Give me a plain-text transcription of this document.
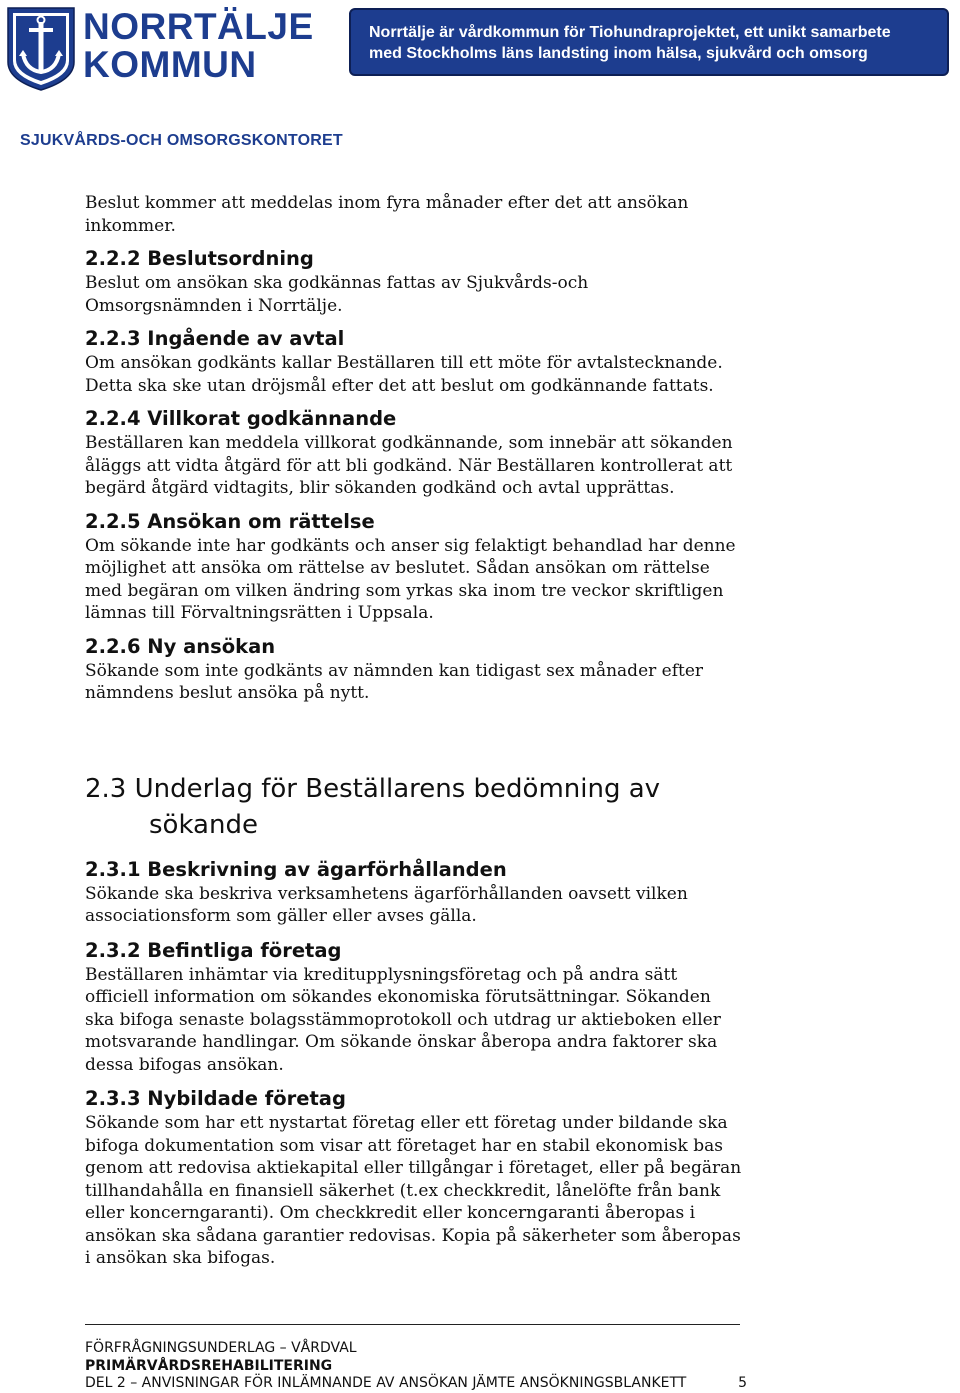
NORRTÄLJE
KOMMUN
Norrtälje är vårdkommun för Tiohundraprojektet, ett unikt samarbete
med Stockholms läns landsting inom hälsa, sjukvård och omsorg
SJUKVÅRDS-OCH OMSORGSKONTORET

Beslut kommer att meddelas inom fyra månader efter det att ansökan

inkommer.

2.2.2 Beslutsordning

Beslut om ansökan ska godkännas fattas av Sjukvårds-och

Omsorgsnämnden i Norrtälje.

2.2.3 Ingående av avtal

Om ansökan godkänts kallar Beställaren till ett möte för avtalstecknande.

Detta ska ske utan dröjsmål efter det att beslut om godkännande fattats.

2.2.4 Villkorat godkännande

Beställaren kan meddela villkorat godkännande, som innebär att sökanden

åläggs att vidta åtgärd för att bli godkänd. När Beställaren kontrollerat att

begärd åtgärd vidtagits, blir sökanden godkänd och avtal upprättas.

2.2.5 Ansökan om rättelse

Om sökande inte har godkänts och anser sig felaktigt behandlad har denne

möjlighet att ansöka om rättelse av beslutet. Sådan ansökan om rättelse

med begäran om vilken ändring som yrkas ska inom tre veckor skriftligen

lämnas till Förvaltningsrätten i Uppsala.

2.2.6 Ny ansökan

Sökande som inte godkänts av nämnden kan tidigast sex månader efter

nämndens beslut ansöka på nytt.

2.3 Underlag för Beställarens bedömning av
sökande
2.3.1 Beskrivning av ägarförhållanden

Sökande ska beskriva verksamhetens ägarförhållanden oavsett vilken

associationsform som gäller eller avses gälla.

2.3.2 Befintliga företag

Beställaren inhämtar via kreditupplysningsföretag och på andra sätt

officiell information om sökandes ekonomiska förutsättningar. Sökanden

ska bifoga senaste bolagsstämmoprotokoll och utdrag ur aktieboken eller

motsvarande handlingar. Om sökande önskar åberopa andra faktorer ska

dessa bifogas ansökan.

2.3.3 Nybildade företag

Sökande som har ett nystartat företag eller ett företag under bildande ska

bifoga dokumentation som visar att företaget har en stabil ekonomisk bas

genom att redovisa aktiekapital eller tillgångar i företaget, eller på begäran

tillhandahålla en finansiell säkerhet (t.ex checkkredit, lånelöfte från bank

eller koncerngaranti). Om checkkredit eller koncerngaranti åberopas i

ansökan ska sådana garantier redovisas. Kopia på säkerheter som åberopas

i ansökan ska bifogas.

FÖRFRÅGNINGSUNDERLAG – VÅRDVAL
PRIMÄRVÅRDSREHABILITERING
DEL 2 – ANVISNINGAR FÖR INLÄMNANDE AV ANSÖKAN JÄMTE ANSÖKNINGSBLANKETT	5
